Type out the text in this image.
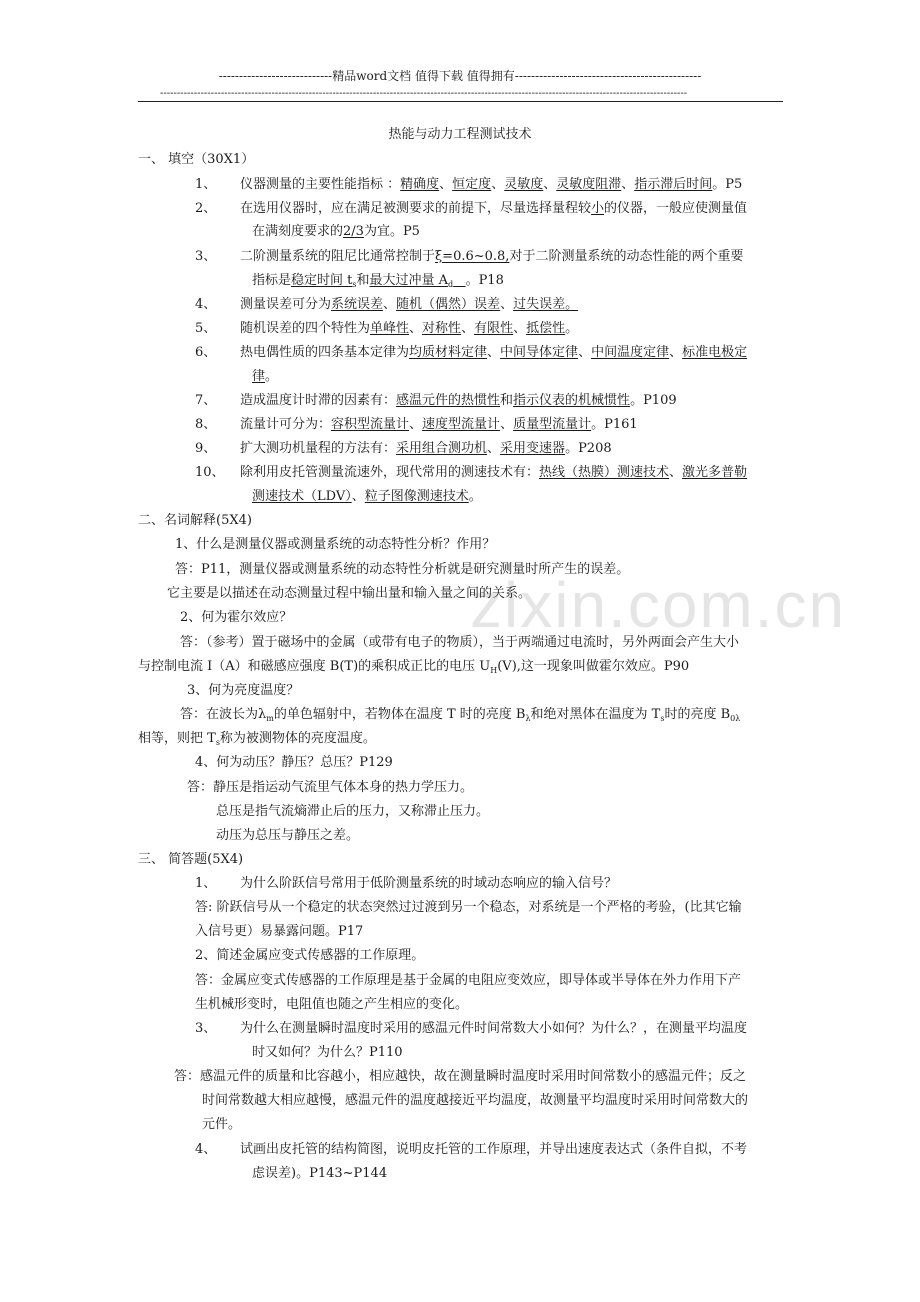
----------------------------精品word文档 值得下载 值得拥有----------------------------------------------
------------------------------------------------------------------------------------------------------------------------------------------------------------
zixin.com.cn
热能与动力工程测试技术
一、 填空（30X1）
1、 仪器测量的主要性能指标 ：精确度、恒定度、灵敏度、灵敏度阻滞、指示滞后时间。P5
2、 在选用仪器时，应在满足被测要求的前提下，尽量选择量程较小的仪器，一般应使测量值
在满刻度要求的2/3为宜。P5
3、 二阶测量系统的阻尼比通常控制于ξ=0.6~0.8,对于二阶测量系统的动态性能的两个重要
指标是稳定时间 $t_s$和最大过冲量 $A_d$ 。P18
4、 测量误差可分为系统误差、随机（偶然）误差、过失误差。
5、 随机误差的四个特性为单峰性、对称性、有限性、抵偿性。
6、 热电偶性质的四条基本定律为均质材料定律、中间导体定律、中间温度定律、标准电极定
律。
7、 造成温度计时滞的因素有：感温元件的热惯性和指示仪表的机械惯性。P109
8、 流量计可分为：容积型流量计、速度型流量计、质量型流量计。P161
9、 扩大测功机量程的方法有：采用组合测功机、采用变速器。P208
10、 除利用皮托管测量流速外，现代常用的测速技术有：热线（热膜）测速技术、激光多普勒
测速技术（LDV）、粒子图像测速技术。
二、名词解释(5X4)
1、什么是测量仪器或测量系统的动态特性分析？作用？
答：P11，测量仪器或测量系统的动态特性分析就是研究测量时所产生的误差。
它主要是以描述在动态测量过程中输出量和输入量之间的关系。
2、何为霍尔效应？
答：（参考）置于磁场中的金属（或带有电子的物质），当于两端通过电流时，另外两面会产生大小
与控制电流 I（A）和磁感应强度 B(T)的乘积成正比的电压 $U_H(V)$,这一现象叫做霍尔效应。P90
3、何为亮度温度？
答：在波长为$\lambda_m$的单色辐射中，若物体在温度 T 时的亮度 $B_\lambda$和绝对黑体在温度为 $T_s$时的亮度 $B_{0\lambda}$
相等，则把 $T_s$称为被测物体的亮度温度。
4、何为动压？静压？总压？P129
答：静压是指运动气流里气体本身的热力学压力。
总压是指气流熵滞止后的压力，又称滞止压力。
动压为总压与静压之差。
三、 简答题(5X4)
1、 为什么阶跃信号常用于低阶测量系统的时域动态响应的输入信号？
答: 阶跃信号从一个稳定的状态突然过过渡到另一个稳态，对系统是一个严格的考验，(比其它输
入信号更）易暴露问题。P17
2、简述金属应变式传感器的工作原理。
答：金属应变式传感器的工作原理是基于金属的电阻应变效应，即导体或半导体在外力作用下产
生机械形变时，电阻值也随之产生相应的变化。
3、 为什么在测量瞬时温度时采用的感温元件时间常数大小如何？为什么？，在测量平均温度
时又如何？为什么？P110
答：感温元件的质量和比容越小，相应越快，故在测量瞬时温度时采用时间常数小的感温元件；反之
时间常数越大相应越慢，感温元件的温度越接近平均温度，故测量平均温度时采用时间常数大的
元件。
4、 试画出皮托管的结构简图，说明皮托管的工作原理，并导出速度表达式（条件自拟，不考
虑误差)。P143~P144
